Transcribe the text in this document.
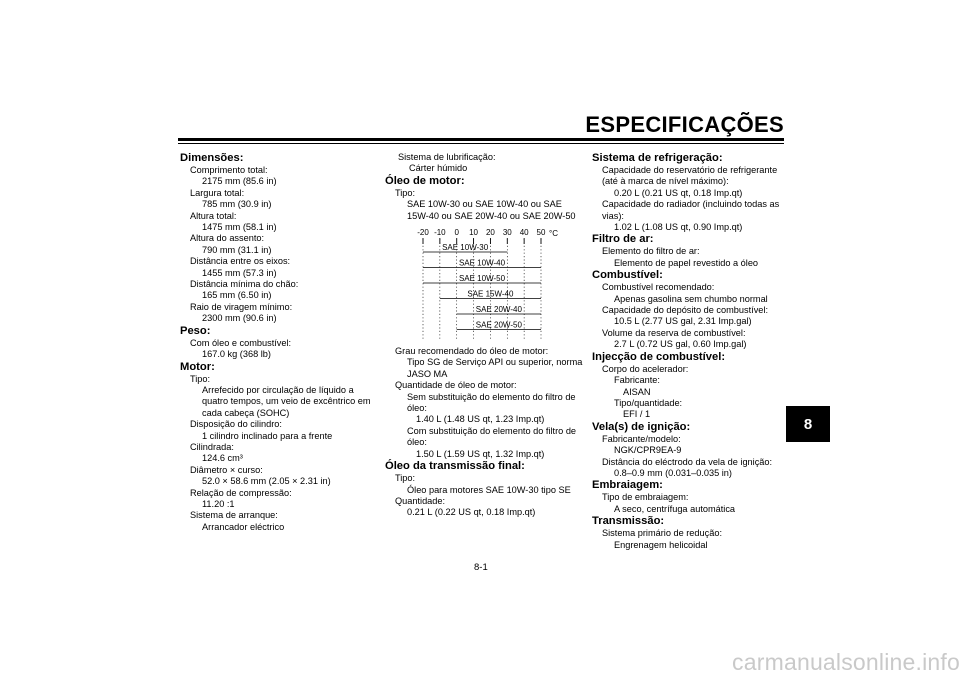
ESPECIFICAÇÕES
8
Dimensões:
Comprimento total:
2175 mm (85.6 in)
Largura total:
785 mm (30.9 in)
Altura total:
1475 mm (58.1 in)
Altura do assento:
790 mm (31.1 in)
Distância entre os eixos:
1455 mm (57.3 in)
Distância mínima do chão:
165 mm (6.50 in)
Raio de viragem mínimo:
2300 mm (90.6 in)
Peso:
Com óleo e combustível:
167.0 kg (368 lb)
Motor:
Tipo:
Arrefecido por circulação de líquido a
quatro tempos, um veio de excêntrico em
cada cabeça (SOHC)
Disposição do cilindro:
1 cilindro inclinado para a frente
Cilindrada:
124.6 cm³
Diâmetro × curso:
52.0 × 58.6 mm (2.05 × 2.31 in)
Relação de compressão:
11.20 :1
Sistema de arranque:
Arrancador eléctrico
Sistema de lubrificação:
Cárter húmido
Óleo de motor:
Tipo:
SAE 10W-30 ou SAE 10W-40 ou SAE
15W-40 ou SAE 20W-40 ou SAE 20W-50
-20 -10 0 10 20 30 40 50 °C
SAE 10W-30
SAE 10W-40
SAE 10W-50
SAE 15W-40
SAE 20W-40
SAE 20W-50
Grau recomendado do óleo de motor:
Tipo SG de Serviço API ou superior, norma
JASO MA
Quantidade de óleo de motor:
Sem substituição do elemento do filtro de
óleo:
1.40 L (1.48 US qt, 1.23 Imp.qt)
Com substituição do elemento do filtro de
óleo:
1.50 L (1.59 US qt, 1.32 Imp.qt)
Óleo da transmissão final:
Tipo:
Óleo para motores SAE 10W-30 tipo SE
Quantidade:
0.21 L (0.22 US qt, 0.18 Imp.qt)
Sistema de refrigeração:
Capacidade do reservatório de refrigerante
(até à marca de nível máximo):
0.20 L (0.21 US qt, 0.18 Imp.qt)
Capacidade do radiador (incluindo todas as
vias):
1.02 L (1.08 US qt, 0.90 Imp.qt)
Filtro de ar:
Elemento do filtro de ar:
Elemento de papel revestido a óleo
Combustível:
Combustível recomendado:
Apenas gasolina sem chumbo normal
Capacidade do depósito de combustível:
10.5 L (2.77 US gal, 2.31 Imp.gal)
Volume da reserva de combustível:
2.7 L (0.72 US gal, 0.60 Imp.gal)
Injecção de combustível:
Corpo do acelerador:
Fabricante:
AISAN
Tipo/quantidade:
EFI / 1
Vela(s) de ignição:
Fabricante/modelo:
NGK/CPR9EA-9
Distância do eléctrodo da vela de ignição:
0.8–0.9 mm (0.031–0.035 in)
Embraiagem:
Tipo de embraiagem:
A seco, centrífuga automática
Transmissão:
Sistema primário de redução:
Engrenagem helicoidal
8-1
carmanualsonline.info
